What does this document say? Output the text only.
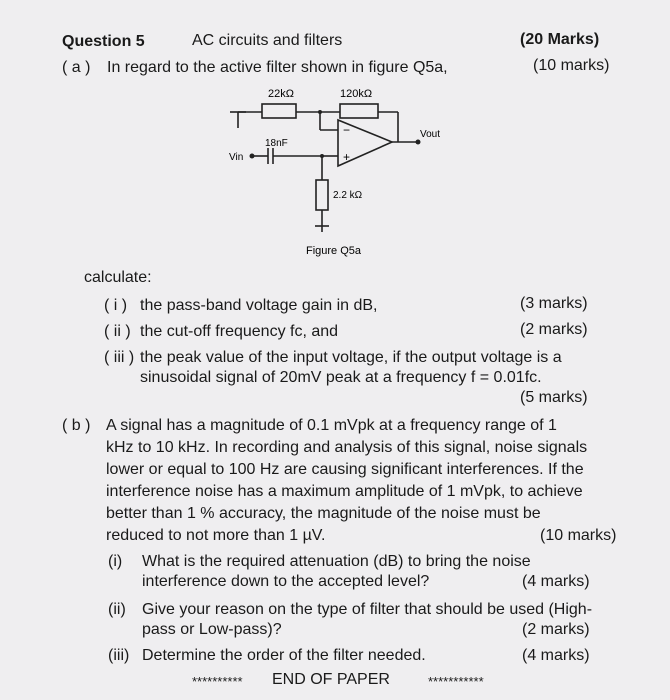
Question 5	AC circuits and filters	(20 Marks)
( a ) In regard to the active filter shown in figure Q5a,	(10 marks)
22kΩ	120kΩ
18nF
2.2 kΩ
Vin
Vout
−
+
Figure Q5a
calculate:
( i ) the pass-band voltage gain in dB,	(3 marks)
( ii ) the cut-off frequency fc, and	(2 marks)
( iii ) the peak value of the input voltage, if the output voltage is a
sinusoidal signal of 20mV peak at a frequency f = 0.01fc.
(5 marks)
( b ) A signal has a magnitude of 0.1 mVpk at a frequency range of 1
kHz to 10 kHz. In recording and analysis of this signal, noise signals
lower or equal to 100 Hz are causing significant interferences. If the
interference noise has a maximum amplitude of 1 mVpk, to achieve
better than 1 % accuracy, the magnitude of the noise must be
reduced to not more than 1 µV.	(10 marks)
(i) What is the required attenuation (dB) to bring the noise
interference down to the accepted level?	(4 marks)
(ii) Give your reason on the type of filter that should be used (High-
pass or Low-pass)?	(2 marks)
(iii) Determine the order of the filter needed.	(4 marks)
********** END OF PAPER	***********
